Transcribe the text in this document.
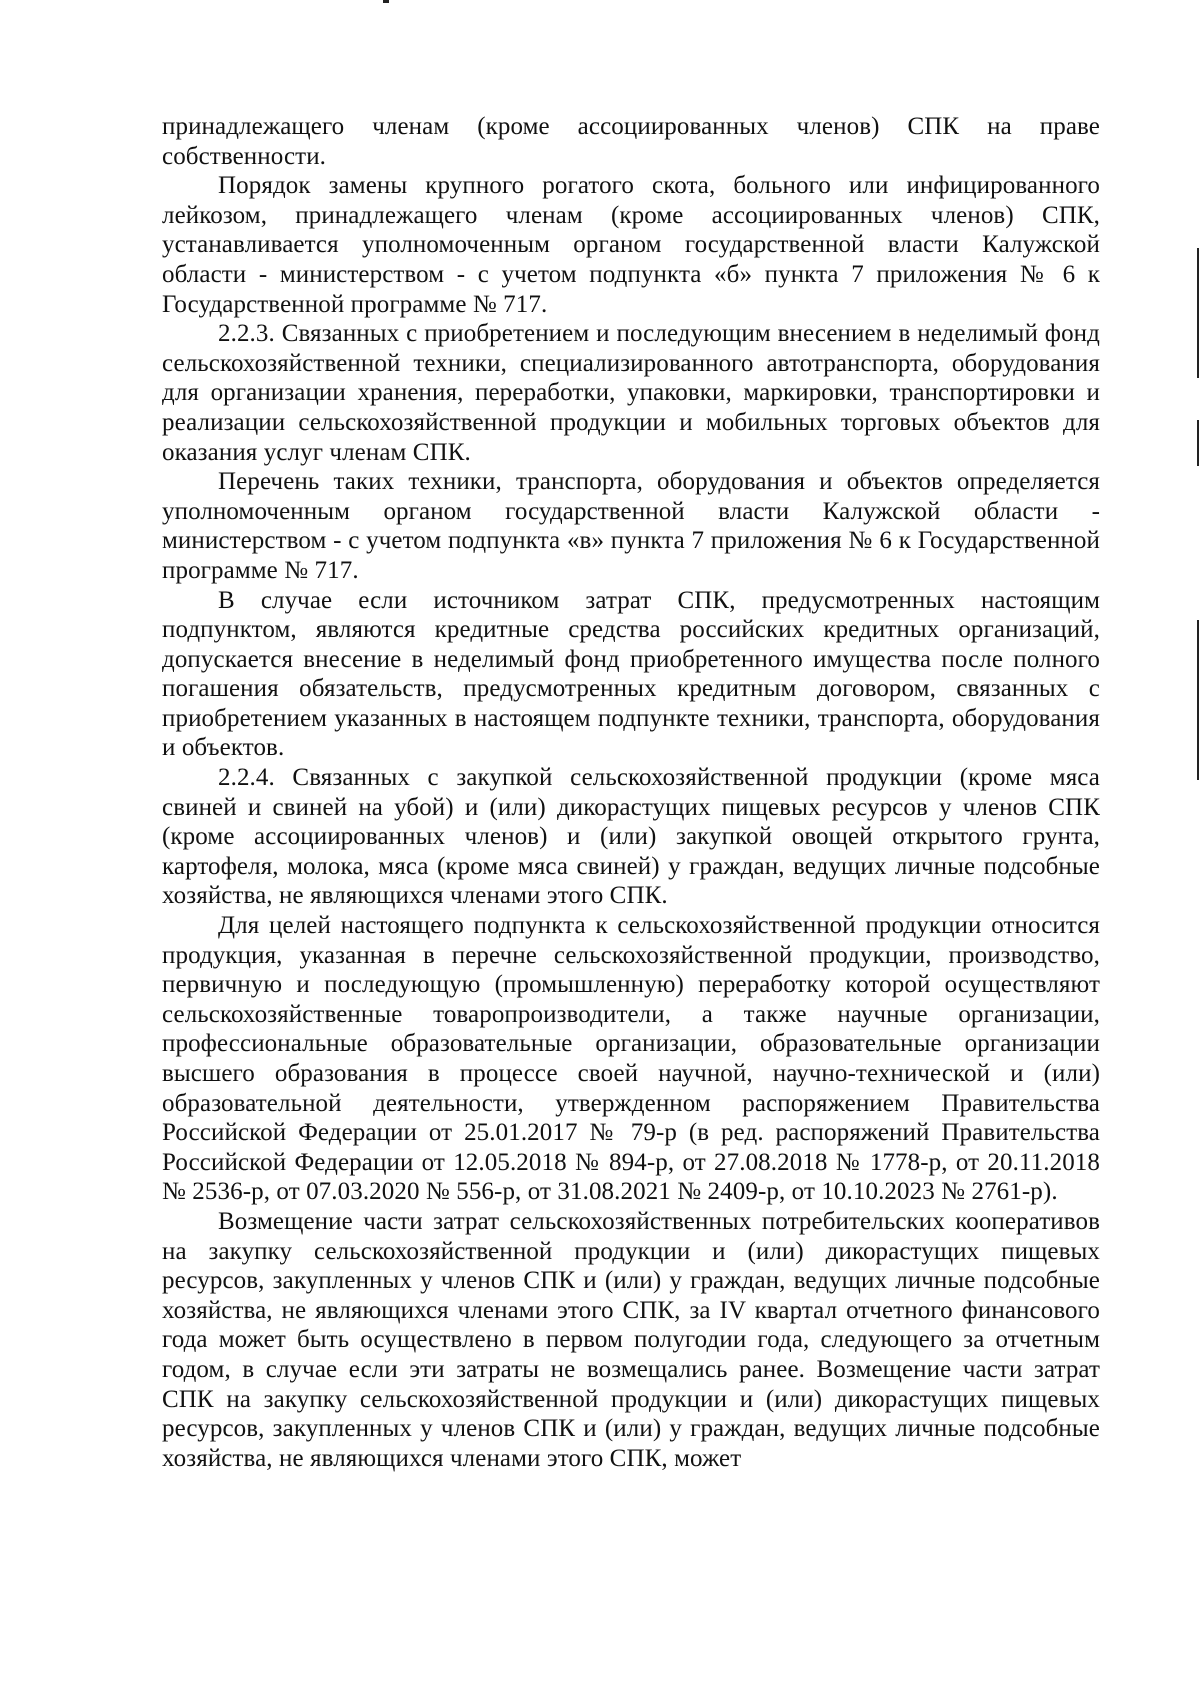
принадлежащего членам (кроме ассоциированных членов) СПК на праве собственности.

Порядок замены крупного рогатого скота, больного или инфицированного лейкозом, принадлежащего членам (кроме ассоциированных членов) СПК, устанавливается уполномоченным органом государственной власти Калужской области - министерством - с учетом подпункта «б» пункта 7 приложения № 6 к Государственной программе № 717.

2.2.3. Связанных с приобретением и последующим внесением в неделимый фонд сельскохозяйственной техники, специализированного автотранспорта, оборудования для организации хранения, переработки, упаковки, маркировки, транспортировки и реализации сельскохозяйственной продукции и мобильных торговых объектов для оказания услуг членам СПК.

Перечень таких техники, транспорта, оборудования и объектов определяется уполномоченным органом государственной власти Калужской области - министерством - с учетом подпункта «в» пункта 7 приложения № 6 к Государственной программе № 717.

В случае если источником затрат СПК, предусмотренных настоящим подпунктом, являются кредитные средства российских кредитных организаций, допускается внесение в неделимый фонд приобретенного имущества после полного погашения обязательств, предусмотренных кредитным договором, связанных с приобретением указанных в настоящем подпункте техники, транспорта, оборудования и объектов.

2.2.4. Связанных с закупкой сельскохозяйственной продукции (кроме мяса свиней и свиней на убой) и (или) дикорастущих пищевых ресурсов у членов СПК (кроме ассоциированных членов) и (или) закупкой овощей открытого грунта, картофеля, молока, мяса (кроме мяса свиней) у граждан, ведущих личные подсобные хозяйства, не являющихся членами этого СПК.

Для целей настоящего подпункта к сельскохозяйственной продукции относится продукция, указанная в перечне сельскохозяйственной продукции, производство, первичную и последующую (промышленную) переработку которой осуществляют сельскохозяйственные товаропроизводители, а также научные организации, профессиональные образовательные организации, образовательные организации высшего образования в процессе своей научной, научно-технической и (или) образовательной деятельности, утвержденном распоряжением Правительства Российской Федерации от 25.01.2017 № 79-р (в ред. распоряжений Правительства Российской Федерации от 12.05.2018 № 894-р, от 27.08.2018 № 1778-р, от 20.11.2018 № 2536-р, от 07.03.2020 № 556-р, от 31.08.2021 № 2409-р, от 10.10.2023 № 2761-р).

Возмещение части затрат сельскохозяйственных потребительских кооперативов на закупку сельскохозяйственной продукции и (или) дикорастущих пищевых ресурсов, закупленных у членов СПК и (или) у граждан, ведущих личные подсобные хозяйства, не являющихся членами этого СПК, за IV квартал отчетного финансового года может быть осуществлено в первом полугодии года, следующего за отчетным годом, в случае если эти затраты не возмещались ранее. Возмещение части затрат СПК на закупку сельскохозяйственной продукции и (или) дикорастущих пищевых ресурсов, закупленных у членов СПК и (или) у граждан, ведущих личные подсобные хозяйства, не являющихся членами этого СПК, может
